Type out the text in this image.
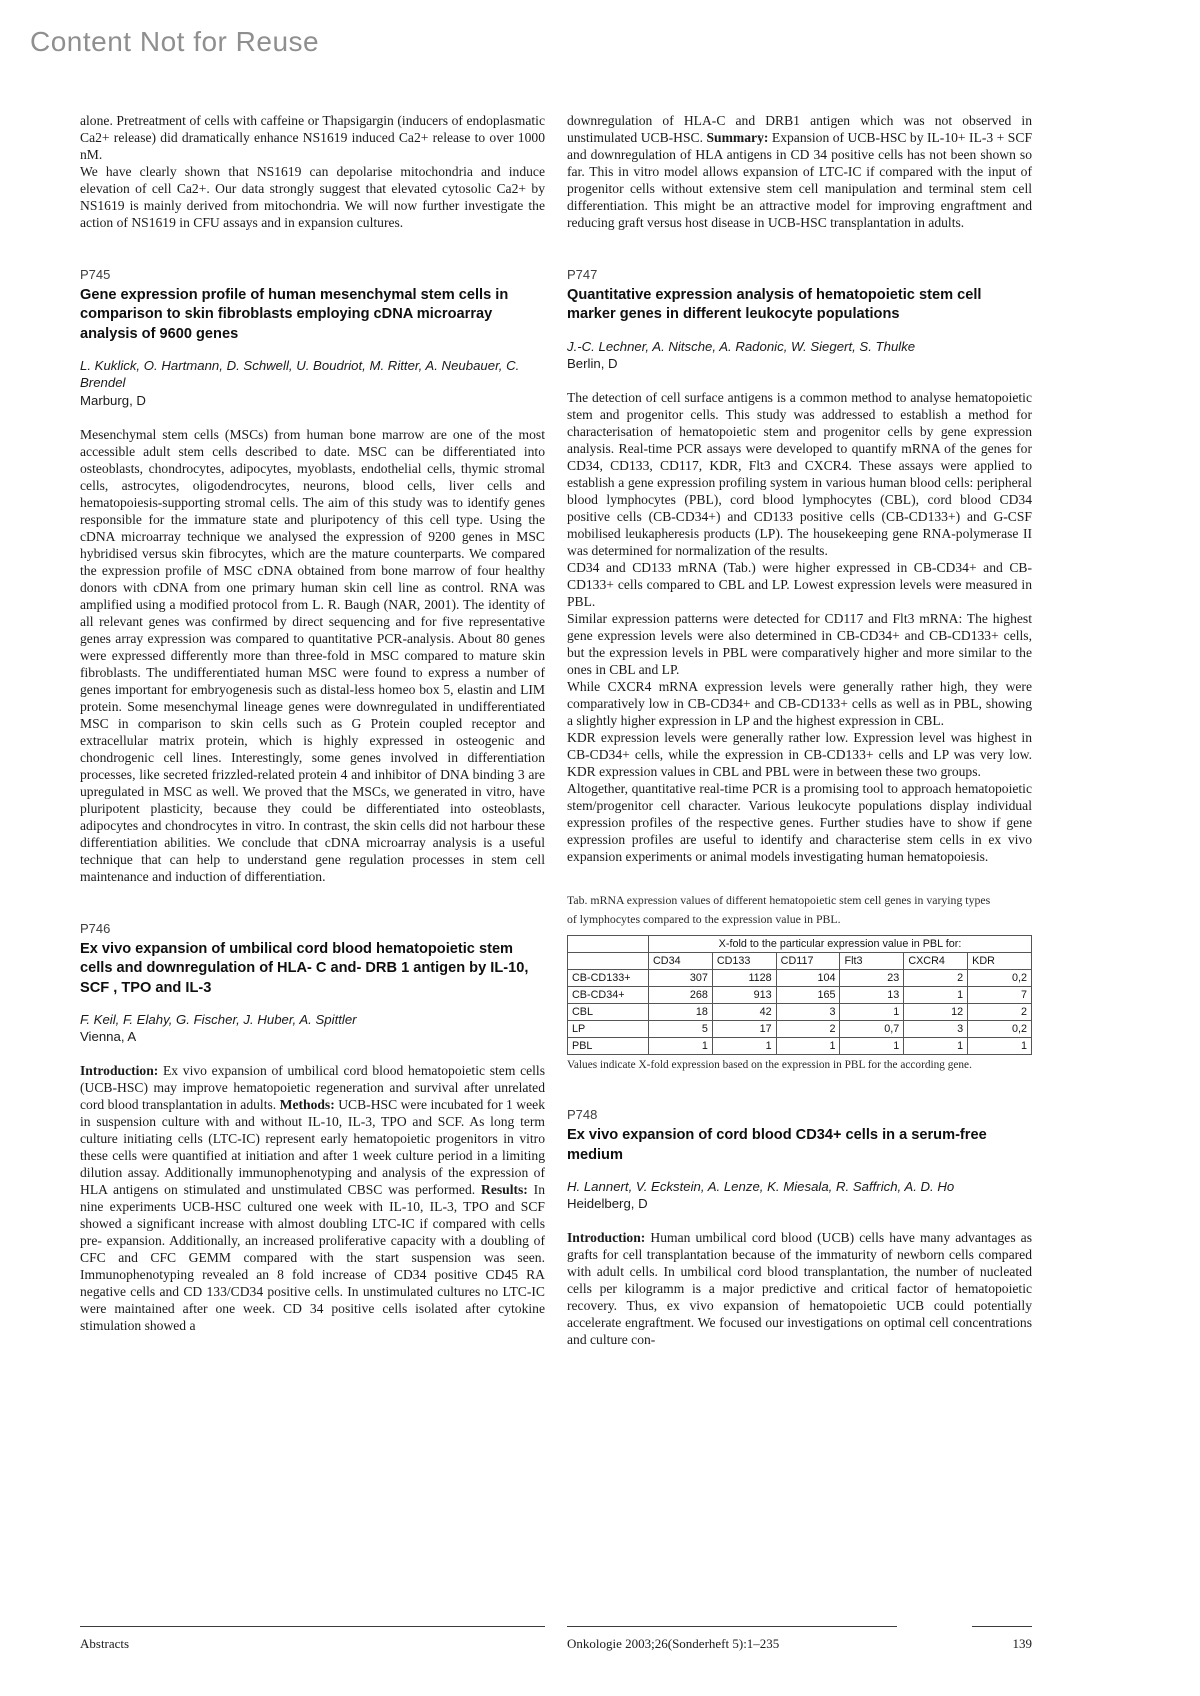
Content Not for Reuse

alone. Pretreatment of cells with caffeine or Thapsigargin (inducers of endoplasmatic Ca2+ release) did dramatically enhance NS1619 induced Ca2+ release to over 1000 nM.

We have clearly shown that NS1619 can depolarise mitochondria and induce elevation of cell Ca2+. Our data strongly suggest that elevated cytosolic Ca2+ by NS1619 is mainly derived from mitochondria. We will now further investigate the action of NS1619 in CFU assays and in expansion cultures.

P745
Gene expression profile of human mesenchymal stem cells in comparison to skin fibroblasts employing cDNA microarray analysis of 9600 genes
L. Kuklick, O. Hartmann, D. Schwell, U. Boudriot, M. Ritter, A. Neubauer, C. Brendel
Marburg, D

Mesenchymal stem cells (MSCs) from human bone marrow are one of the most accessible adult stem cells described to date. MSC can be differentiated into osteoblasts, chondrocytes, adipocytes, myoblasts, endothelial cells, thymic stromal cells, astrocytes, oligodendrocytes, neurons, blood cells, liver cells and hematopoiesis-supporting stromal cells. The aim of this study was to identify genes responsible for the immature state and pluripotency of this cell type. Using the cDNA microarray technique we analysed the expression of 9200 genes in MSC hybridised versus skin fibrocytes, which are the mature counterparts. We compared the expression profile of MSC cDNA obtained from bone marrow of four healthy donors with cDNA from one primary human skin cell line as control. RNA was amplified using a modified protocol from L. R. Baugh (NAR, 2001). The identity of all relevant genes was confirmed by direct sequencing and for five representative genes array expression was compared to quantitative PCR-analysis. About 80 genes were expressed differently more than three-fold in MSC compared to mature skin fibroblasts. The undifferentiated human MSC were found to express a number of genes important for embryogenesis such as distal-less homeo box 5, elastin and LIM protein. Some mesenchymal lineage genes were downregulated in undifferentiated MSC in comparison to skin cells such as G Protein coupled receptor and extracellular matrix protein, which is highly expressed in osteogenic and chondrogenic cell lines. Interestingly, some genes involved in differentiation processes, like secreted frizzled-related protein 4 and inhibitor of DNA binding 3 are upregulated in MSC as well. We proved that the MSCs, we generated in vitro, have pluripotent plasticity, because they could be differentiated into osteoblasts, adipocytes and chondrocytes in vitro. In contrast, the skin cells did not harbour these differentiation abilities. We conclude that cDNA microarray analysis is a useful technique that can help to understand gene regulation processes in stem cell maintenance and induction of differentiation.

P746
Ex vivo expansion of umbilical cord blood hematopoietic stem cells and downregulation of HLA- C and- DRB 1 antigen by IL-10, SCF , TPO and IL-3
F. Keil, F. Elahy, G. Fischer, J. Huber, A. Spittler
Vienna, A

Introduction: Ex vivo expansion of umbilical cord blood hematopoietic stem cells (UCB-HSC) may improve hematopoietic regeneration and survival after unrelated cord blood transplantation in adults. Methods: UCB-HSC were incubated for 1 week in suspension culture with and without IL-10, IL-3, TPO and SCF. As long term culture initiating cells (LTC-IC) represent early hematopoietic progenitors in vitro these cells were quantified at initiation and after 1 week culture period in a limiting dilution assay. Additionally immunophenotyping and analysis of the expression of HLA antigens on stimulated and unstimulated CBSC was performed. Results: In nine experiments UCB-HSC cultured one week with IL-10, IL-3, TPO and SCF showed a significant increase with almost doubling LTC-IC if compared with cells pre- expansion. Additionally, an increased proliferative capacity with a doubling of CFC and CFC GEMM compared with the start suspension was seen. Immunophenotyping revealed an 8 fold increase of CD34 positive CD45 RA negative cells and CD 133/CD34 positive cells. In unstimulated cultures no LTC-IC were maintained after one week. CD 34 positive cells isolated after cytokine stimulation showed a

downregulation of HLA-C and DRB1 antigen which was not observed in unstimulated UCB-HSC. Summary: Expansion of UCB-HSC by IL-10+ IL-3 + SCF and downregulation of HLA antigens in CD 34 positive cells has not been shown so far. This in vitro model allows expansion of LTC-IC if compared with the input of progenitor cells without extensive stem cell manipulation and terminal stem cell differentiation. This might be an attractive model for improving engraftment and reducing graft versus host disease in UCB-HSC transplantation in adults.

P747
Quantitative expression analysis of hematopoietic stem cell marker genes in different leukocyte populations
J.-C. Lechner, A. Nitsche, A. Radonic, W. Siegert, S. Thulke
Berlin, D

The detection of cell surface antigens is a common method to analyse hematopoietic stem and progenitor cells. This study was addressed to establish a method for characterisation of hematopoietic stem and progenitor cells by gene expression analysis. Real-time PCR assays were developed to quantify mRNA of the genes for CD34, CD133, CD117, KDR, Flt3 and CXCR4. These assays were applied to establish a gene expression profiling system in various human blood cells: peripheral blood lymphocytes (PBL), cord blood lymphocytes (CBL), cord blood CD34 positive cells (CB-CD34+) and CD133 positive cells (CB-CD133+) and G-CSF mobilised leukapheresis products (LP). The housekeeping gene RNA-polymerase II was determined for normalization of the results.

CD34 and CD133 mRNA (Tab.) were higher expressed in CB-CD34+ and CB-CD133+ cells compared to CBL and LP. Lowest expression levels were measured in PBL.

Similar expression patterns were detected for CD117 and Flt3 mRNA: The highest gene expression levels were also determined in CB-CD34+ and CB-CD133+ cells, but the expression levels in PBL were comparatively higher and more similar to the ones in CBL and LP.

While CXCR4 mRNA expression levels were generally rather high, they were comparatively low in CB-CD34+ and CB-CD133+ cells as well as in PBL, showing a slightly higher expression in LP and the highest expression in CBL.

KDR expression levels were generally rather low. Expression level was highest in CB-CD34+ cells, while the expression in CB-CD133+ cells and LP was very low. KDR expression values in CBL and PBL were in between these two groups.

Altogether, quantitative real-time PCR is a promising tool to approach hematopoietic stem/progenitor cell character. Various leukocyte populations display individual expression profiles of the respective genes. Further studies have to show if gene expression profiles are useful to identify and characterise stem cells in ex vivo expansion experiments or animal models investigating human hematopoiesis.

Tab. mRNA expression values of different hematopoietic stem cell genes in varying types of lymphocytes compared to the expression value in PBL.
	X-fold to the particular expression value in PBL for:					
	CD34	CD133	CD117	Flt3	CXCR4	KDR
CB-CD133+	307	1128	104	23	2	0,2
CB-CD34+	268	913	165	13	1	7
CBL	18	42	3	1	12	2
LP	5	17	2	0,7	3	0,2
PBL	1	1	1	1	1	1
Values indicate X-fold expression based on the expression in PBL for the according gene.
P748
Ex vivo expansion of cord blood CD34+ cells in a serum-free medium
H. Lannert, V. Eckstein, A. Lenze, K. Miesala, R. Saffrich, A. D. Ho
Heidelberg, D

Introduction: Human umbilical cord blood (UCB) cells have many advantages as grafts for cell transplantation because of the immaturity of newborn cells compared with adult cells. In umbilical cord blood transplantation, the number of nucleated cells per kilogramm is a major predictive and critical factor of hematopoietic recovery. Thus, ex vivo expansion of hematopoietic UCB could potentially accelerate engraftment. We focused our investigations on optimal cell concentrations and culture con-

Abstracts	Onkologie 2003;26(Sonderheft 5):1–235	139
